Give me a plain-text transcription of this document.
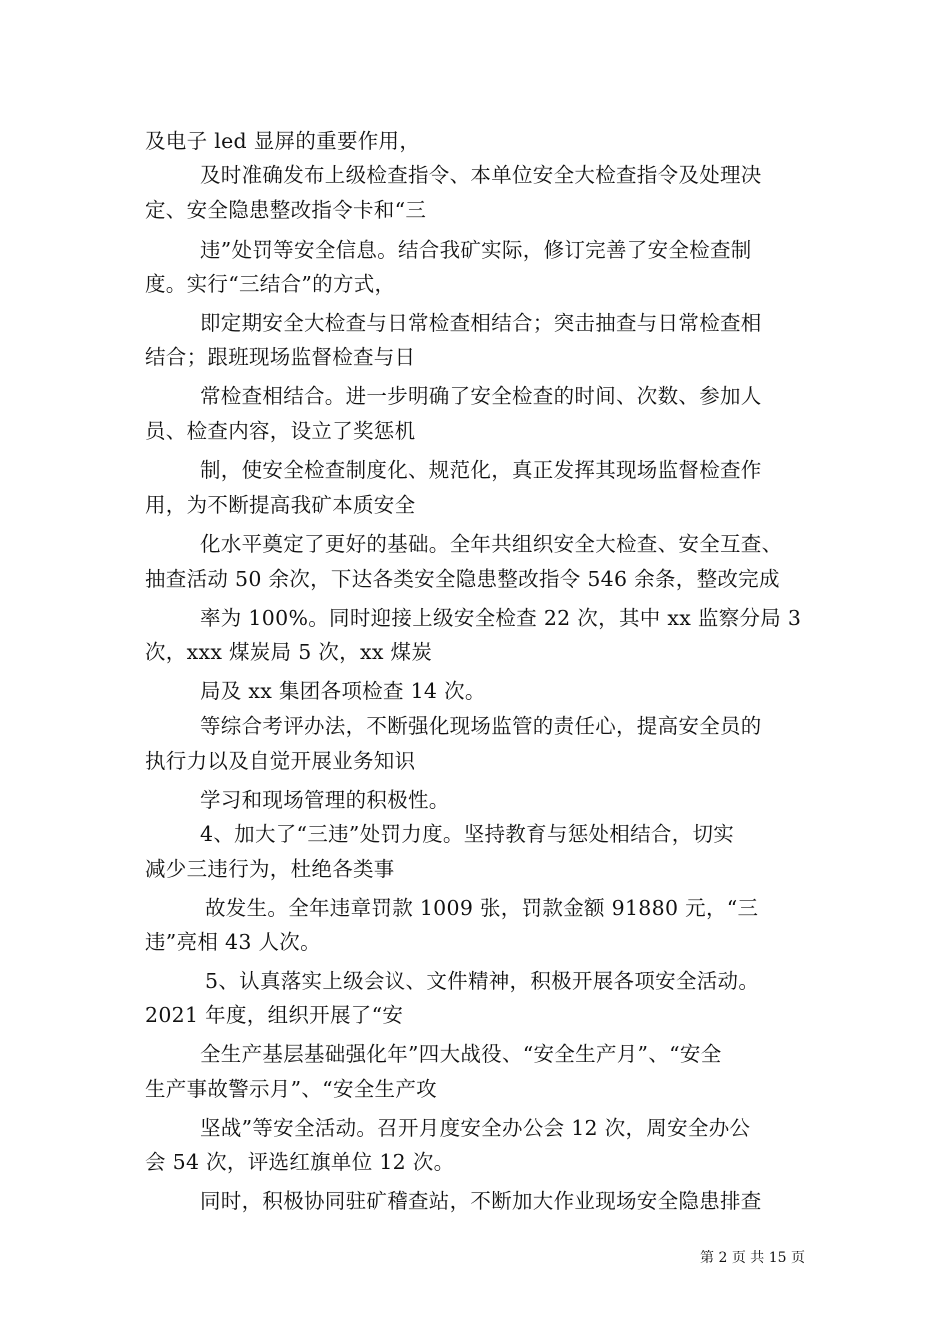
及电子 led 显屏的重要作用，
及时准确发布上级检查指令、本单位安全大检查指令及处理决
定、安全隐患整改指令卡和“三
违”处罚等安全信息。结合我矿实际，修订完善了安全检查制
度。实行“三结合”的方式，
即定期安全大检查与日常检查相结合；突击抽查与日常检查相
结合；跟班现场监督检查与日
常检查相结合。进一步明确了安全检查的时间、次数、参加人
员、检查内容，设立了奖惩机
制，使安全检查制度化、规范化，真正发挥其现场监督检查作
用，为不断提高我矿本质安全
化水平奠定了更好的基础。全年共组织安全大检查、安全互查、
抽查活动 50 余次，下达各类安全隐患整改指令 546 余条，整改完成
率为 100%。同时迎接上级安全检查 22 次，其中 xx 监察分局 3
次，xxx 煤炭局 5 次，xx 煤炭
局及 xx 集团各项检查 14 次。
等综合考评办法，不断强化现场监管的责任心，提高安全员的
执行力以及自觉开展业务知识
学习和现场管理的积极性。
4、加大了“三违”处罚力度。坚持教育与惩处相结合，切实
减少三违行为，杜绝各类事
故发生。全年违章罚款 1009 张，罚款金额 91880 元，“三
违”亮相 43 人次。
5、认真落实上级会议、文件精神，积极开展各项安全活动。
2021 年度，组织开展了“安
全生产基层基础强化年”四大战役、“安全生产月”、“安全
生产事故警示月”、“安全生产攻
坚战”等安全活动。召开月度安全办公会 12 次，周安全办公
会 54 次，评选红旗单位 12 次。
同时，积极协同驻矿稽查站，不断加大作业现场安全隐患排查
第 2 页 共 15 页
